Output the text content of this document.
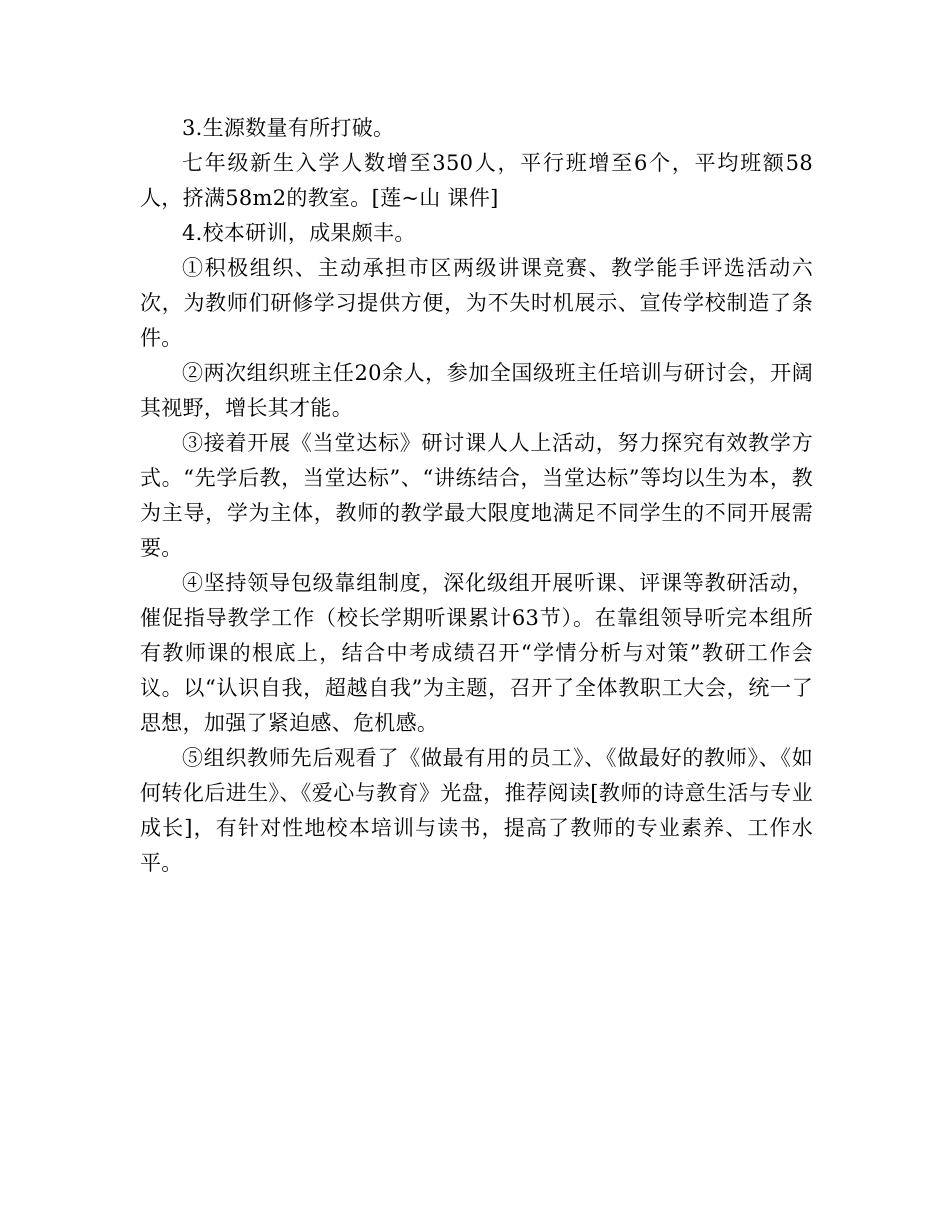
3.生源数量有所打破。

七年级新生入学人数增至350人，平行班增至6个，平均班额58人，挤满58m2的教室。[莲~山 课件]

4.校本研训，成果颇丰。

①积极组织、主动承担市区两级讲课竞赛、教学能手评选活动六次，为教师们研修学习提供方便，为不失时机展示、宣传学校制造了条件。

②两次组织班主任20余人，参加全国级班主任培训与研讨会，开阔其视野，增长其才能。

③接着开展《当堂达标》研讨课人人上活动，努力探究有效教学方式。“先学后教，当堂达标”、“讲练结合，当堂达标”等均以生为本，教为主导，学为主体，教师的教学最大限度地满足不同学生的不同开展需要。

④坚持领导包级靠组制度，深化级组开展听课、评课等教研活动，催促指导教学工作（校长学期听课累计63节）。在靠组领导听完本组所有教师课的根底上，结合中考成绩召开“学情分析与对策”教研工作会议。以“认识自我，超越自我”为主题，召开了全体教职工大会，统一了思想，加强了紧迫感、危机感。

⑤组织教师先后观看了《做最有用的员工》、《做最好的教师》、《如何转化后进生》、《爱心与教育》光盘，推荐阅读[教师的诗意生活与专业成长]，有针对性地校本培训与读书，提高了教师的专业素养、工作水平。
